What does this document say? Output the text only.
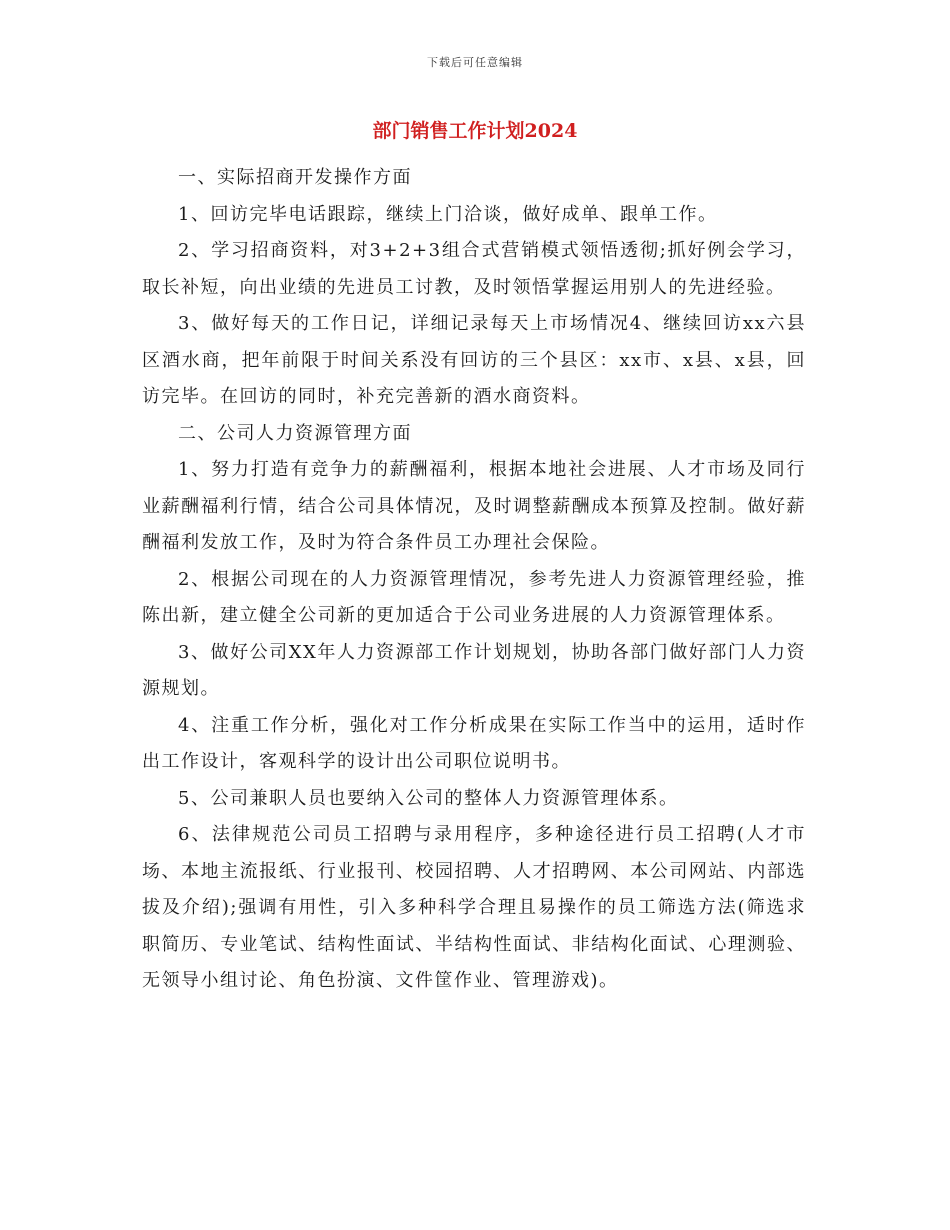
下载后可任意编辑
部门销售工作计划2024

一、实际招商开发操作方面

1、回访完毕电话跟踪，继续上门洽谈，做好成单、跟单工作。

2、学习招商资料，对3+2+3组合式营销模式领悟透彻;抓好例会学习，取长补短，向出业绩的先进员工讨教，及时领悟掌握运用别人的先进经验。

3、做好每天的工作日记，详细记录每天上市场情况4、继续回访xx六县区酒水商，把年前限于时间关系没有回访的三个县区：xx市、x县、x县，回访完毕。在回访的同时，补充完善新的酒水商资料。

二、公司人力资源管理方面

1、努力打造有竞争力的薪酬福利，根据本地社会进展、人才市场及同行业薪酬福利行情，结合公司具体情况，及时调整薪酬成本预算及控制。做好薪酬福利发放工作，及时为符合条件员工办理社会保险。

2、根据公司现在的人力资源管理情况，参考先进人力资源管理经验，推陈出新，建立健全公司新的更加适合于公司业务进展的人力资源管理体系。

3、做好公司XX年人力资源部工作计划规划，协助各部门做好部门人力资源规划。

4、注重工作分析，强化对工作分析成果在实际工作当中的运用，适时作出工作设计，客观科学的设计出公司职位说明书。

5、公司兼职人员也要纳入公司的整体人力资源管理体系。

6、法律规范公司员工招聘与录用程序，多种途径进行员工招聘(人才市场、本地主流报纸、行业报刊、校园招聘、人才招聘网、本公司网站、内部选拔及介绍);强调有用性，引入多种科学合理且易操作的员工筛选方法(筛选求职简历、专业笔试、结构性面试、半结构性面试、非结构化面试、心理测验、无领导小组讨论、角色扮演、文件筐作业、管理游戏)。
